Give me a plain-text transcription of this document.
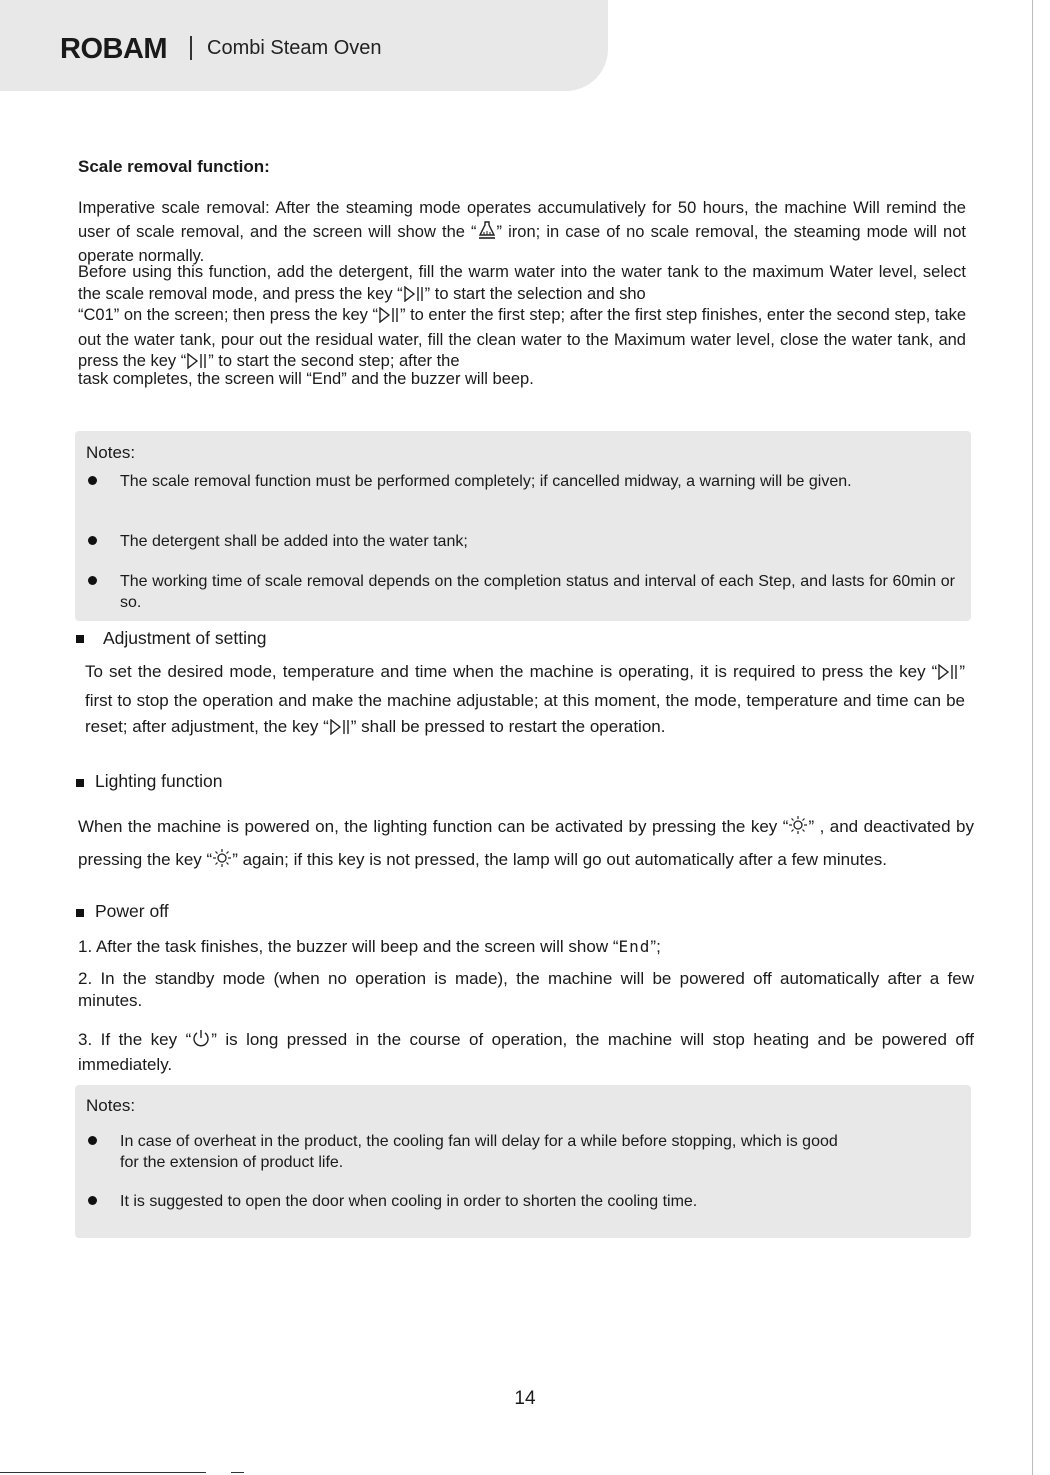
ROBAM Combi Steam Oven
Scale removal function:
Imperative scale removal: After the steaming mode operates accumulatively for 50 hours, the machine Will remind the user of scale removal, and the screen will show the “ ” iron; in case of no scale removal, the steaming mode will not operate normally.
Before using this function, add the detergent, fill the warm water into the water tank to the maximum Water level, select the scale removal mode, and press the key “ ” to start the selection and sho
“C01” on the screen; then press the key “ ” to enter the first step; after the first step finishes, enter the second step, take out the water tank, pour out the residual water, fill the clean water to the Maximum water level, close the water tank, and press the key “ ” to start the second step; after the
task completes, the screen will “End” and the buzzer will beep.
Notes:
The scale removal function must be performed completely; if cancelled midway, a warning will be given.
The detergent shall be added into the water tank;
The working time of scale removal depends on the completion status and interval of each Step, and lasts for 60min or so.
Adjustment of setting
To set the desired mode, temperature and time when the machine is operating, it is required to press the key “ ” first to stop the operation and make the machine adjustable; at this moment, the mode, temperature and time can be reset; after adjustment, the key “ ” shall be pressed to restart the operation.
Lighting function
When the machine is powered on, the lighting function can be activated by pressing the key “ ” , and deactivated by pressing the key “ ” again; if this key is not pressed, the lamp will go out automatically after a few minutes.
Power off
1. After the task finishes, the buzzer will beep and the screen will show “End”;
2. In the standby mode (when no operation is made), the machine will be powered off automatically after a few minutes.
3. If the key “ ” is long pressed in the course of operation, the machine will stop heating and be powered off immediately.
Notes:
In case of overheat in the product, the cooling fan will delay for a while before stopping, which is good for the extension of product life.
It is suggested to open the door when cooling in order to shorten the cooling time.
14
